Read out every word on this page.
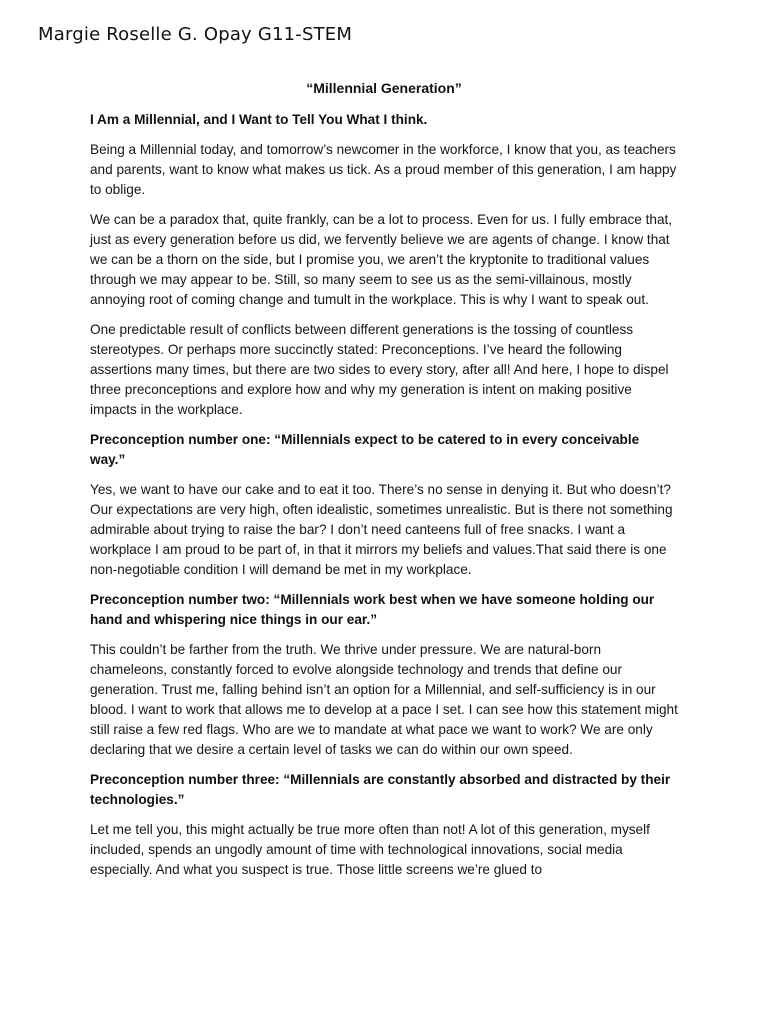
Margie Roselle G. Opay G11-STEM
“Millennial Generation”

I Am a Millennial, and I Want to Tell You What I think.

Being a Millennial today, and tomorrow’s newcomer in the workforce, I know that you, as teachers and parents, want to know what makes us tick. As a proud member of this generation, I am happy to oblige.

We can be a paradox that, quite frankly, can be a lot to process. Even for us. I fully embrace that, just as every generation before us did, we fervently believe we are agents of change. I know that we can be a thorn on the side, but I promise you, we aren’t the kryptonite to traditional values through we may appear to be. Still, so many seem to see us as the semi-villainous, mostly annoying root of coming change and tumult in the workplace. This is why I want to speak out.

One predictable result of conflicts between different generations is the tossing of countless stereotypes. Or perhaps more succinctly stated: Preconceptions. I’ve heard the following assertions many times, but there are two sides to every story, after all! And here, I hope to dispel three preconceptions and explore how and why my generation is intent on making positive impacts in the workplace.

Preconception number one: “Millennials expect to be catered to in every conceivable way.”

Yes, we want to have our cake and to eat it too. There’s no sense in denying it. But who doesn’t? Our expectations are very high, often idealistic, sometimes unrealistic. But is there not something admirable about trying to raise the bar? I don’t need canteens full of free snacks. I want a workplace I am proud to be part of, in that it mirrors my beliefs and values.That said there is one non-negotiable condition I will demand be met in my workplace.

Preconception number two: “Millennials work best when we have someone holding our hand and whispering nice things in our ear.”

This couldn’t be farther from the truth. We thrive under pressure. We are natural-born chameleons, constantly forced to evolve alongside technology and trends that define our generation. Trust me, falling behind isn’t an option for a Millennial, and self-sufficiency is in our blood. I want to work that allows me to develop at a pace I set. I can see how this statement might still raise a few red flags. Who are we to mandate at what pace we want to work? We are only declaring that we desire a certain level of tasks we can do within our own speed.

Preconception number three: “Millennials are constantly absorbed and distracted by their technologies.”

Let me tell you, this might actually be true more often than not! A lot of this generation, myself included, spends an ungodly amount of time with technological innovations, social media especially. And what you suspect is true. Those little screens we’re glued to
